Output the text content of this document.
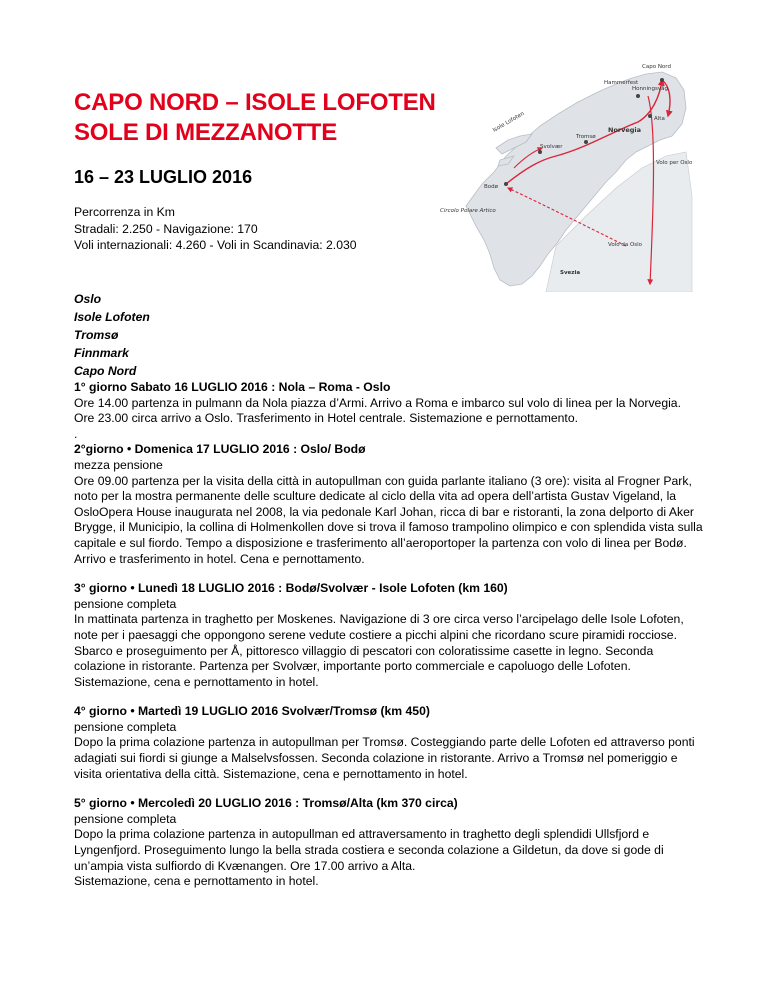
CAPO NORD – ISOLE LOFOTEN
SOLE DI MEZZANOTTE
16 – 23 LUGLIO 2016
Percorrenza in Km
Stradali: 2.250 - Navigazione: 170
Voli internazionali: 4.260 - Voli in Scandinavia: 2.030
Oslo
Isole Lofoten
Tromsø
Finnmark
Capo Nord
Capo Nord
Hammerfest
Honningsvåg
Alta
Tromsø
Norvegia
Svolvær
Isole Lofoten
Bodø
Circolo Polare Artico
Volo per Oslo
Volo da Oslo
Svezia
1° giorno Sabato 16 LUGLIO 2016 : Nola – Roma - Oslo

Ore 14.00 partenza in pulmann da Nola piazza d’Armi. Arrivo a Roma e imbarco sul volo di linea per la Norvegia. Ore 23.00 circa arrivo a Oslo. Trasferimento in Hotel centrale. Sistemazione e pernottamento.

.
2°giorno • Domenica 17 LUGLIO 2016 : Oslo/ Bodø

mezza pensione

Ore 09.00 partenza per la visita della città in autopullman con guida parlante italiano (3 ore): visita al Frogner Park, noto per la mostra permanente delle sculture dedicate al ciclo della vita ad opera dell’artista Gustav Vigeland, la OsloOpera House inaugurata nel 2008, la via pedonale Karl Johan, ricca di bar e ristoranti, la zona delporto di Aker Brygge, il Municipio, la collina di Holmenkollen dove si trova il famoso trampolino olimpico e con splendida vista sulla capitale e sul fiordo. Tempo a disposizione e trasferimento all’aeroportoper la partenza con volo di linea per Bodø. Arrivo e trasferimento in hotel. Cena e pernottamento.

3° giorno • Lunedì 18 LUGLIO 2016 : Bodø/Svolvær - Isole Lofoten (km 160)

pensione completa

In mattinata partenza in traghetto per Moskenes. Navigazione di 3 ore circa verso l’arcipelago delle Isole Lofoten, note per i paesaggi che oppongono serene vedute costiere a picchi alpini che ricordano scure piramidi rocciose. Sbarco e proseguimento per Å, pittoresco villaggio di pescatori con coloratissime casette in legno. Seconda colazione in ristorante. Partenza per Svolvær, importante porto commerciale e capoluogo delle Lofoten. Sistemazione, cena e pernottamento in hotel.

4° giorno • Martedì 19 LUGLIO 2016 Svolvær/Tromsø (km 450)

pensione completa

Dopo la prima colazione partenza in autopullman per Tromsø. Costeggiando parte delle Lofoten ed attraverso ponti adagiati sui fiordi si giunge a Malselvsfossen. Seconda colazione in ristorante. Arrivo a Tromsø nel pomeriggio e visita orientativa della città. Sistemazione, cena e pernottamento in hotel.

5° giorno • Mercoledì 20 LUGLIO 2016 : Tromsø/Alta (km 370 circa)

pensione completa

Dopo la prima colazione partenza in autopullman ed attraversamento in traghetto degli splendidi Ullsfjord e Lyngenfjord. Proseguimento lungo la bella strada costiera e seconda colazione a Gildetun, da dove si gode di un’ampia vista sulfiordo di Kvænangen. Ore 17.00 arrivo a Alta.

Sistemazione, cena e pernottamento in hotel.
